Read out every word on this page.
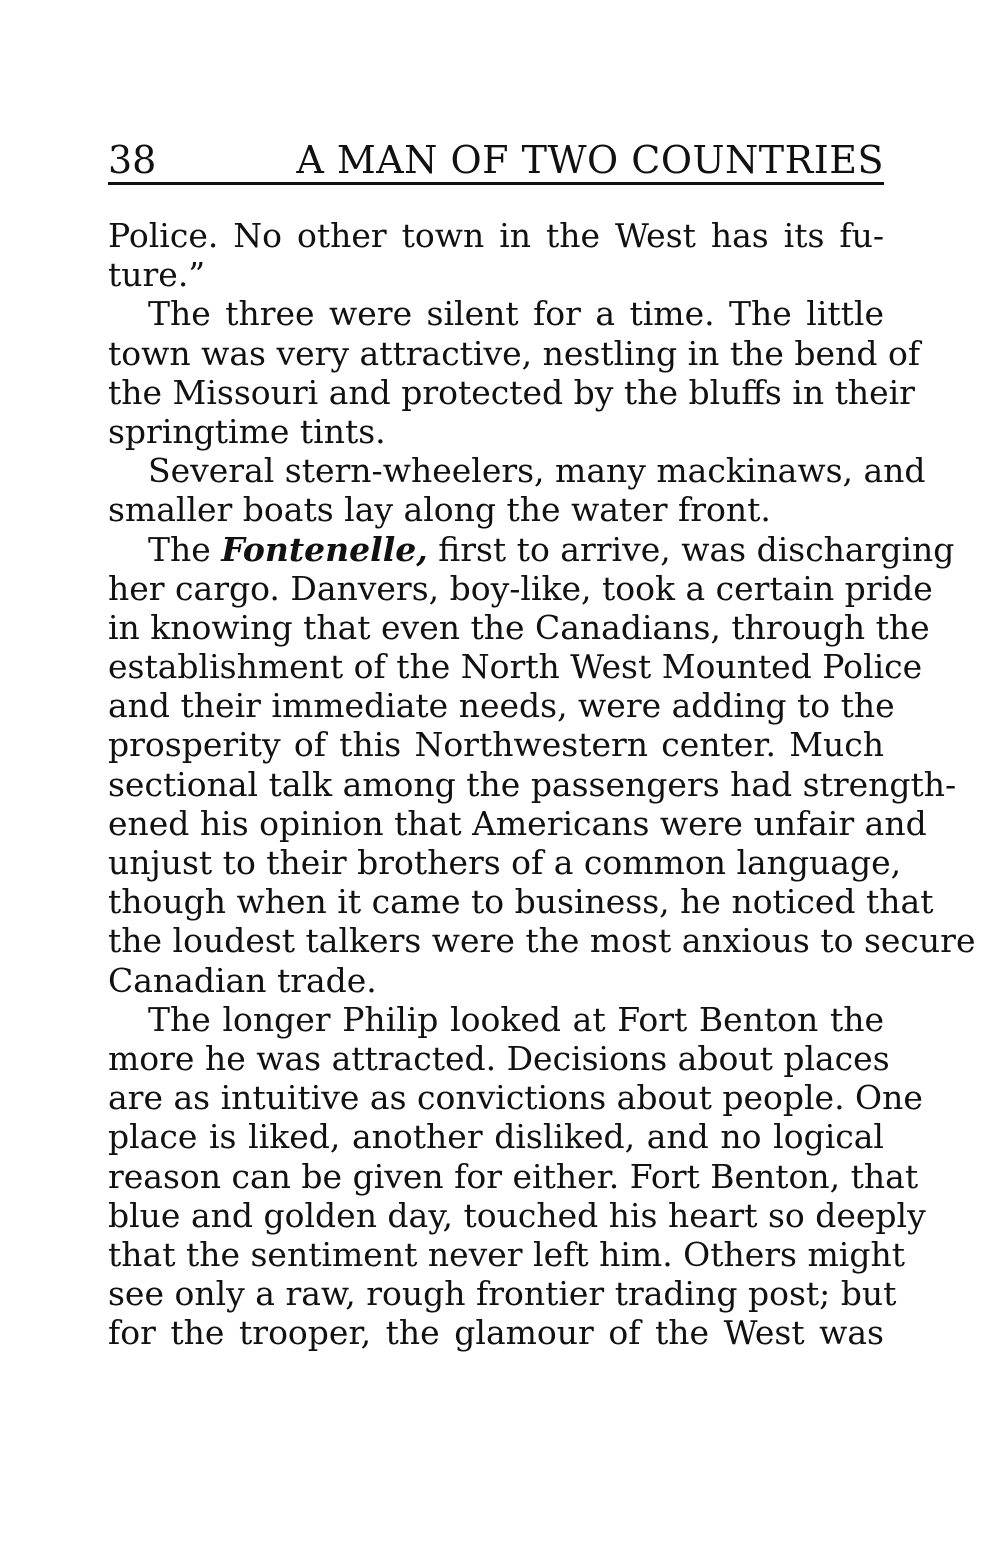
38	A MAN OF TWO COUNTRIES
Police. No other town in the West has its fu-
ture.”
The three were silent for a time. The little
town was very attractive, nestling in the bend of
the Missouri and protected by the bluffs in their
springtime tints.
Several stern-wheelers, many mackinaws, and
smaller boats lay along the water front.
The Fontenelle, first to arrive, was discharging
her cargo. Danvers, boy-like, took a certain pride
in knowing that even the Canadians, through the
establishment of the North West Mounted Police
and their immediate needs, were adding to the
prosperity of this Northwestern center. Much
sectional talk among the passengers had strength-
ened his opinion that Americans were unfair and
unjust to their brothers of a common language,
though when it came to business, he noticed that
the loudest talkers were the most anxious to secure
Canadian trade.
The longer Philip looked at Fort Benton the
more he was attracted. Decisions about places
are as intuitive as convictions about people. One
place is liked, another disliked, and no logical
reason can be given for either. Fort Benton, that
blue and golden day, touched his heart so deeply
that the sentiment never left him. Others might
see only a raw, rough frontier trading post; but
for the trooper, the glamour of the West was
